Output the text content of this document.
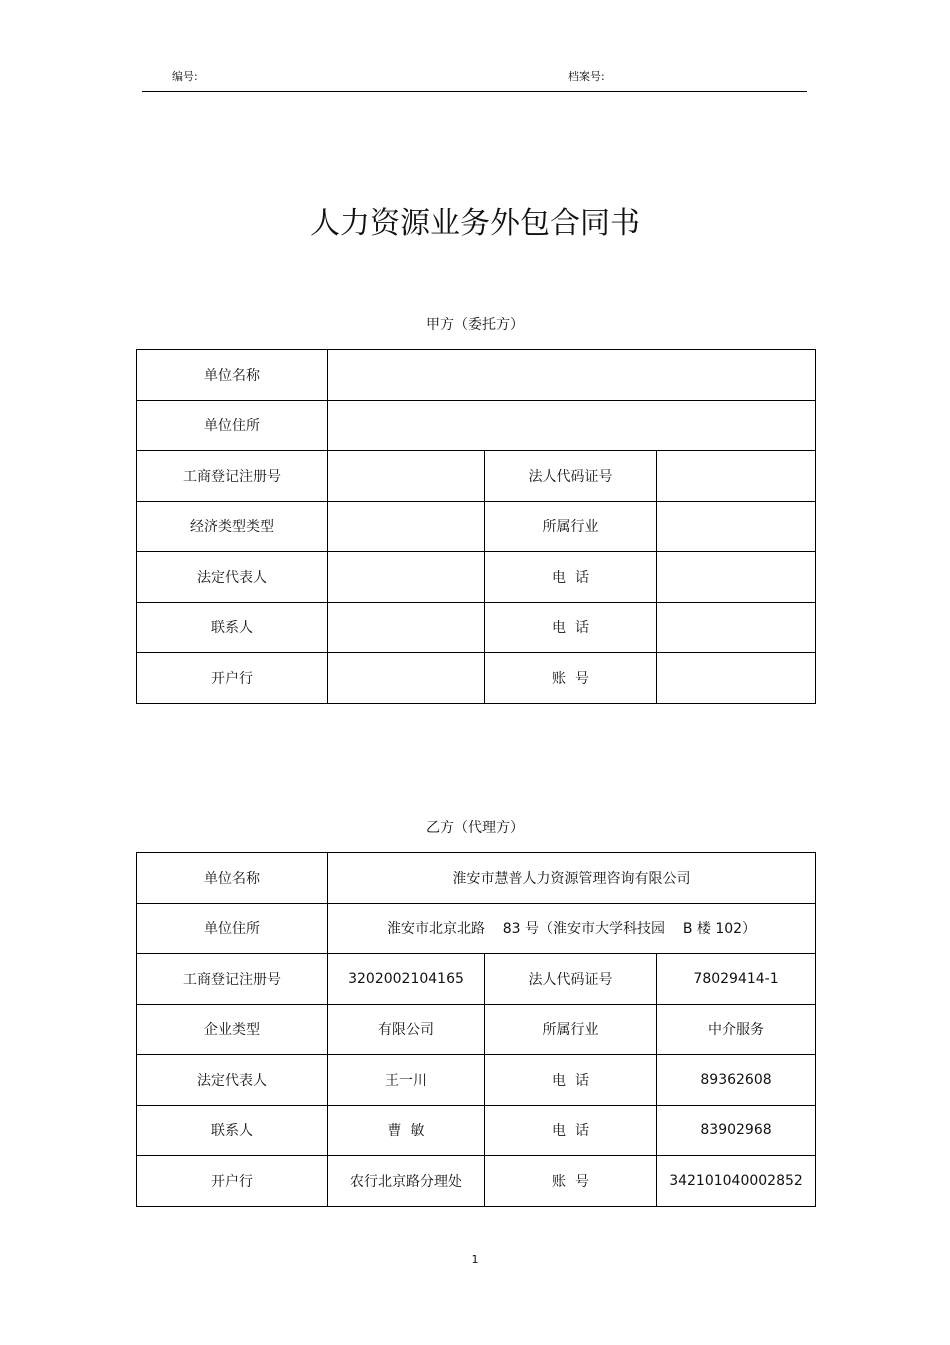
编号:	档案号:
人力资源业务外包合同书
甲方（委托方）
单位名称			
单位住所			
工商登记注册号		法人代码证号	
经济类型类型		所属行业	
法定代表人		电  话	
联系人		电  话	
开户行		账  号	
乙方（代理方）
单位名称	淮安市慧普人力资源管理咨询有限公司		
单位住所	淮安市北京北路    83 号（淮安市大学科技园    B 楼 102）		
工商登记注册号	3202002104165	法人代码证号	78029414-1
企业类型	有限公司	所属行业	中介服务
法定代表人	王一川	电  话	89362608
联系人	曹  敏	电  话	83902968
开户行	农行北京路分理处	账  号	342101040002852
1
